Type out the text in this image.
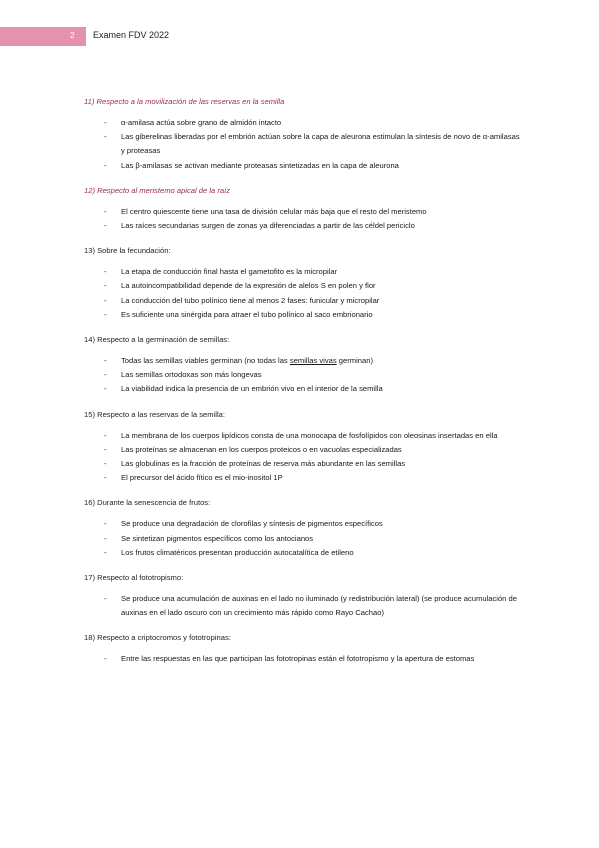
2 Examen FDV 2022
11) Respecto a la movilización de las reservas en la semilla
- α-amilasa actúa sobre grano de almidón intacto
- Las giberelinas liberadas por el embrión actúan sobre la capa de aleurona estimulan la síntesis de novo de α-amilasas y proteasas
- Las β-amilasas se activan mediante proteasas sintetizadas en la capa de aleurona
12) Respecto al meristemo apical de la raíz
- El centro quiescente tiene una tasa de división celular más baja que el resto del meristemo
- Las raíces secundarias surgen de zonas ya diferenciadas a partir de las céldel periciclo
13) Sobre la fecundación:
- La etapa de conducción final hasta el gametofito es la micropilar
- La autoincompatibilidad depende de la expresión de alelos S en polen y flor
- La conducción del tubo polínico tiene al menos 2 fases: funicular y micropilar
- Es suficiente una sinérgida para atraer el tubo polínico al saco embrionario
14) Respecto a la germinación de semillas:
- Todas las semillas viables germinan (no todas las semillas vivas germinan)
- Las semillas ortodoxas son más longevas
- La viabilidad indica la presencia de un embrión vivo en el interior de la semilla
15) Respecto a las reservas de la semilla:
- La membrana de los cuerpos lipídicos consta de una monocapa de fosfolípidos con oleosinas insertadas en ella
- Las proteínas se almacenan en los cuerpos proteicos o en vacuolas especializadas
- Las globulinas es la fracción de proteínas de reserva más abundante en las semillas
- El precursor del ácido fítico es el mio-inositol 1P
16) Durante la senescencia de frutos:
- Se produce una degradación de clorofilas y síntesis de pigmentos específicos
- Se sintetizan pigmentos específicos como los antocianos
- Los frutos climatéricos presentan producción autocatalítica de etileno
17) Respecto al fototropismo:
- Se produce una acumulación de auxinas en el lado no iluminado (y redistribución lateral) (se produce acumulación de auxinas en el lado oscuro con un crecimiento más rápido como Rayo Cachao)
18) Respecto a criptocromos y fototropinas:
- Entre las respuestas en las que participan las fototropinas están el fototropismo y la apertura de estomas
